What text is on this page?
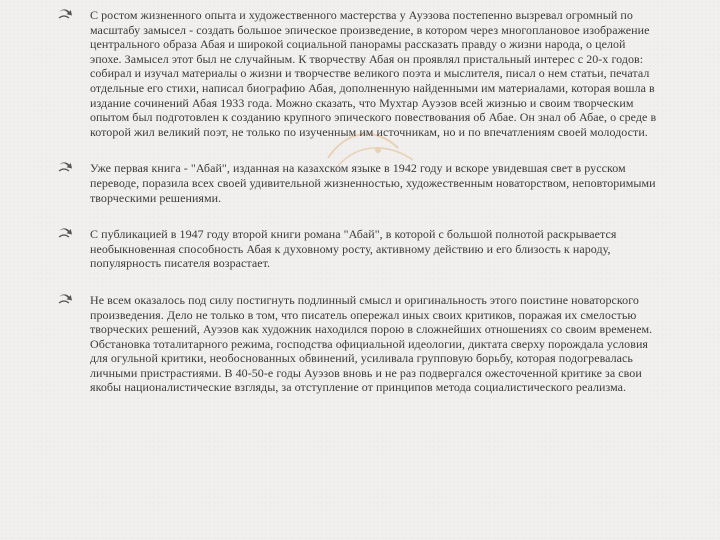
С ростом жизненного опыта и художественного мастерства у Ауэзова постепенно вызревал огромный по масштабу замысел - создать большое эпическое произведение, в котором через многоплановое изображение центрального образа Абая и широкой социальной панорамы рассказать правду о жизни народа, о целой эпохе. Замысел этот был не случайным. К творчеству Абая он проявлял пристальный интерес с 20-х годов: собирал и изучал материалы о жизни и творчестве великого поэта и мыслителя, писал о нем статьи, печатал отдельные его стихи, написал биографию Абая, дополненную найденными им материалами, которая вошла в издание сочинений Абая 1933 года. Можно сказать, что Мухтар Ауэзов всей жизнью и своим творческим опытом был подготовлен к созданию крупного эпического повествования об Абае. Он знал об Абае, о среде в которой жил великий поэт, не только по изученным им источникам, но и по впечатлениям своей молодости.
Уже первая книга - "Абай", изданная на казахском языке в 1942 году и вскоре увидевшая свет в русском переводе, поразила всех своей удивительной жизненностью, художественным новаторством, неповторимыми творческими решениями.
С публикацией в 1947 году второй книги романа "Абай", в которой с большой полнотой раскрывается необыкновенная способность Абая к духовному росту, активному действию и его близость к народу, популярность писателя возрастает.
Не всем оказалось под силу постигнуть подлинный смысл и оригинальность этого поистине новаторского произведения. Дело не только в том, что писатель опережал иных своих критиков, поражая их смелостью творческих решений, Ауэзов как художник находился порою в сложнейших отношениях со своим временем. Обстановка тоталитарного режима, господства официальной идеологии, диктата сверху порождала условия для огульной критики, необоснованных обвинений, усиливала групповую борьбу, которая подогревалась личными пристрастиями. В 40-50-е годы Ауэзов вновь и не раз подвергался ожесточенной критике за свои якобы националистические взгляды, за отступление от принципов метода социалистического реализма.
